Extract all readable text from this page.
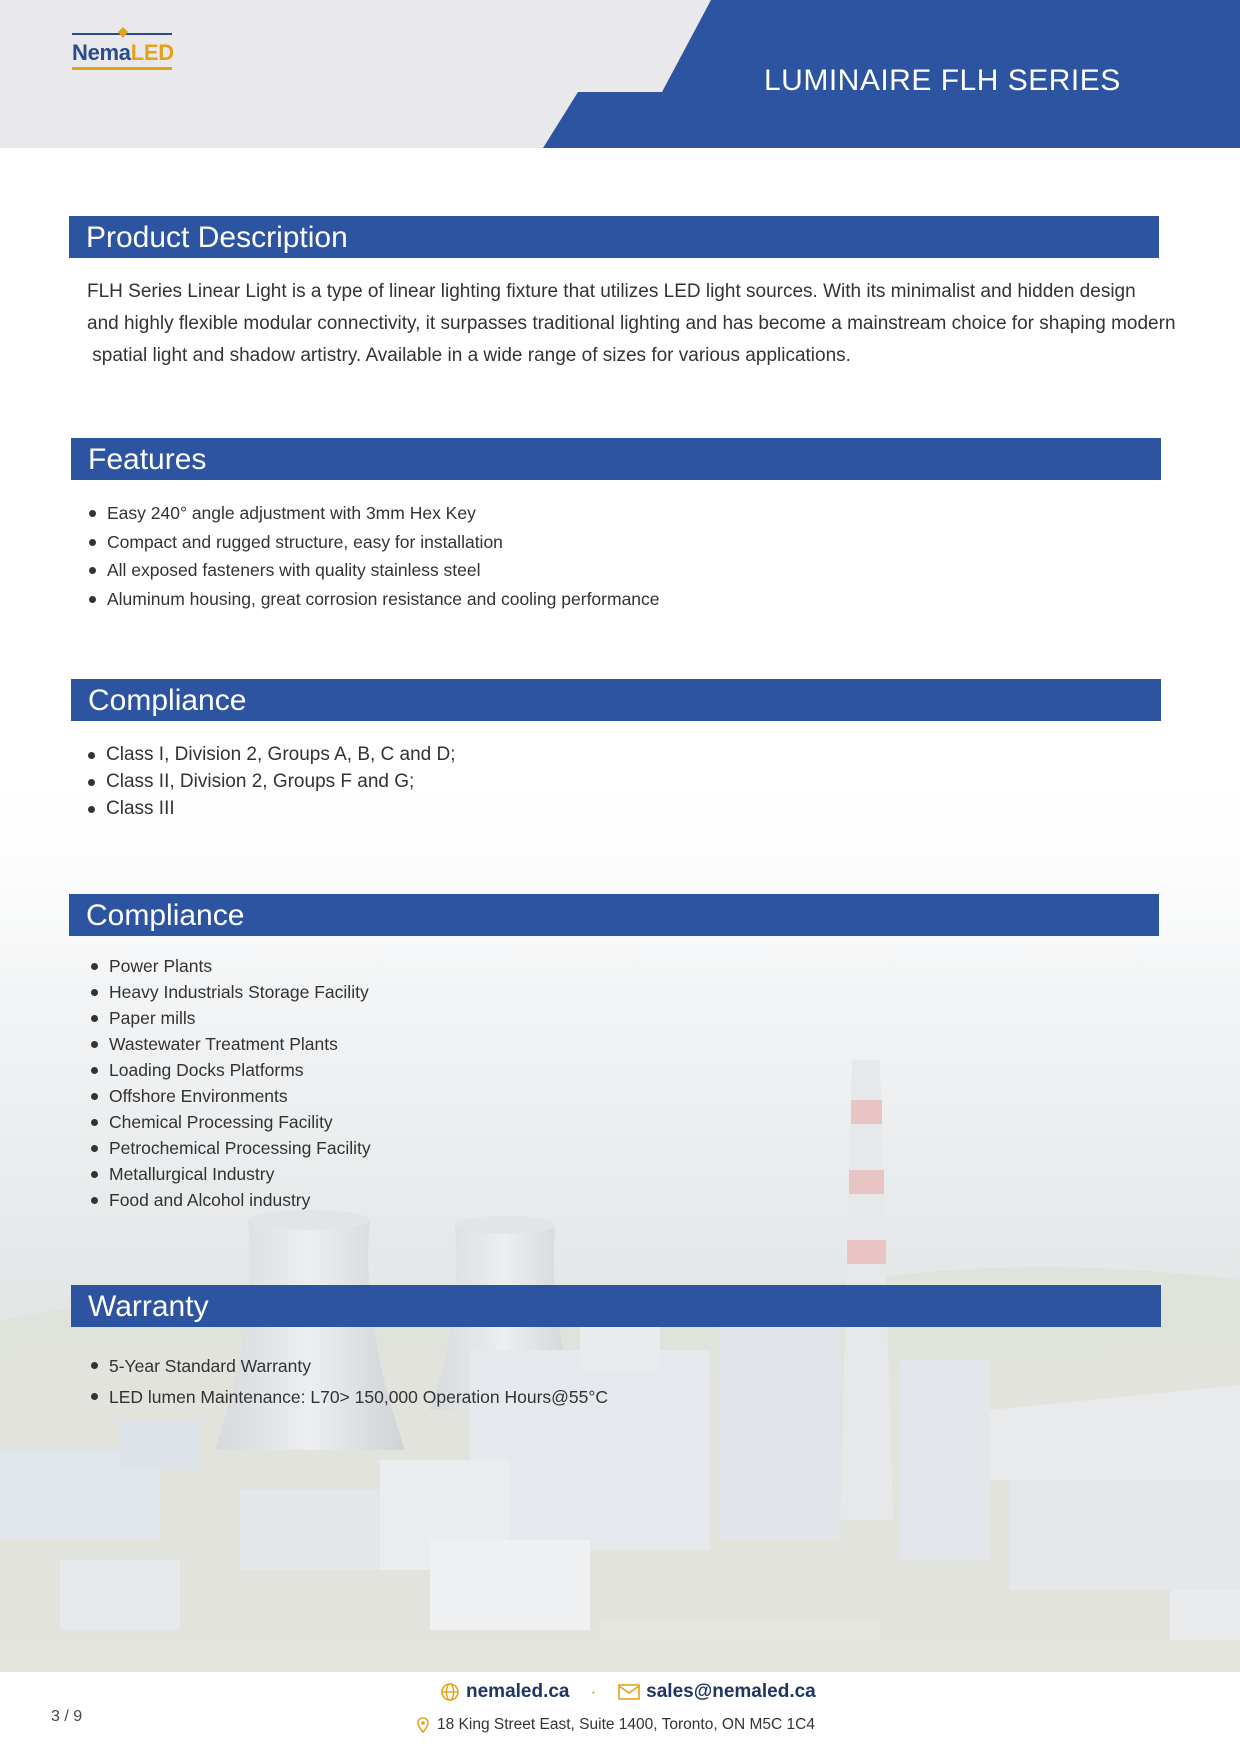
NemaLED
LUMINAIRE FLH SERIES
Product Description
FLH Series Linear Light is a type of linear lighting fixture that utilizes LED light sources. With its minimalist and hidden design
and highly flexible modular connectivity, it surpasses traditional lighting and has become a mainstream choice for shaping modern
spatial light and shadow artistry. Available in a wide range of sizes for various applications.
Features
Easy 240° angle adjustment with 3mm Hex Key
Compact and rugged structure, easy for installation
All exposed fasteners with quality stainless steel
Aluminum housing, great corrosion resistance and cooling performance
Compliance
Class I, Division 2, Groups A, B, C and D;
Class II, Division 2, Groups F and G;
Class III
Compliance
Power Plants
Heavy Industrials Storage Facility
Paper mills
Wastewater Treatment Plants
Loading Docks Platforms
Offshore Environments
Chemical Processing Facility
Petrochemical Processing Facility
Metallurgical Industry
Food and Alcohol industry
Warranty
5-Year Standard Warranty
LED lumen Maintenance: L70> 150,000 Operation Hours@55°C
3 / 9
nemaled.ca ·	sales@nemaled.ca
18 King Street East, Suite 1400, Toronto, ON M5C 1C4
